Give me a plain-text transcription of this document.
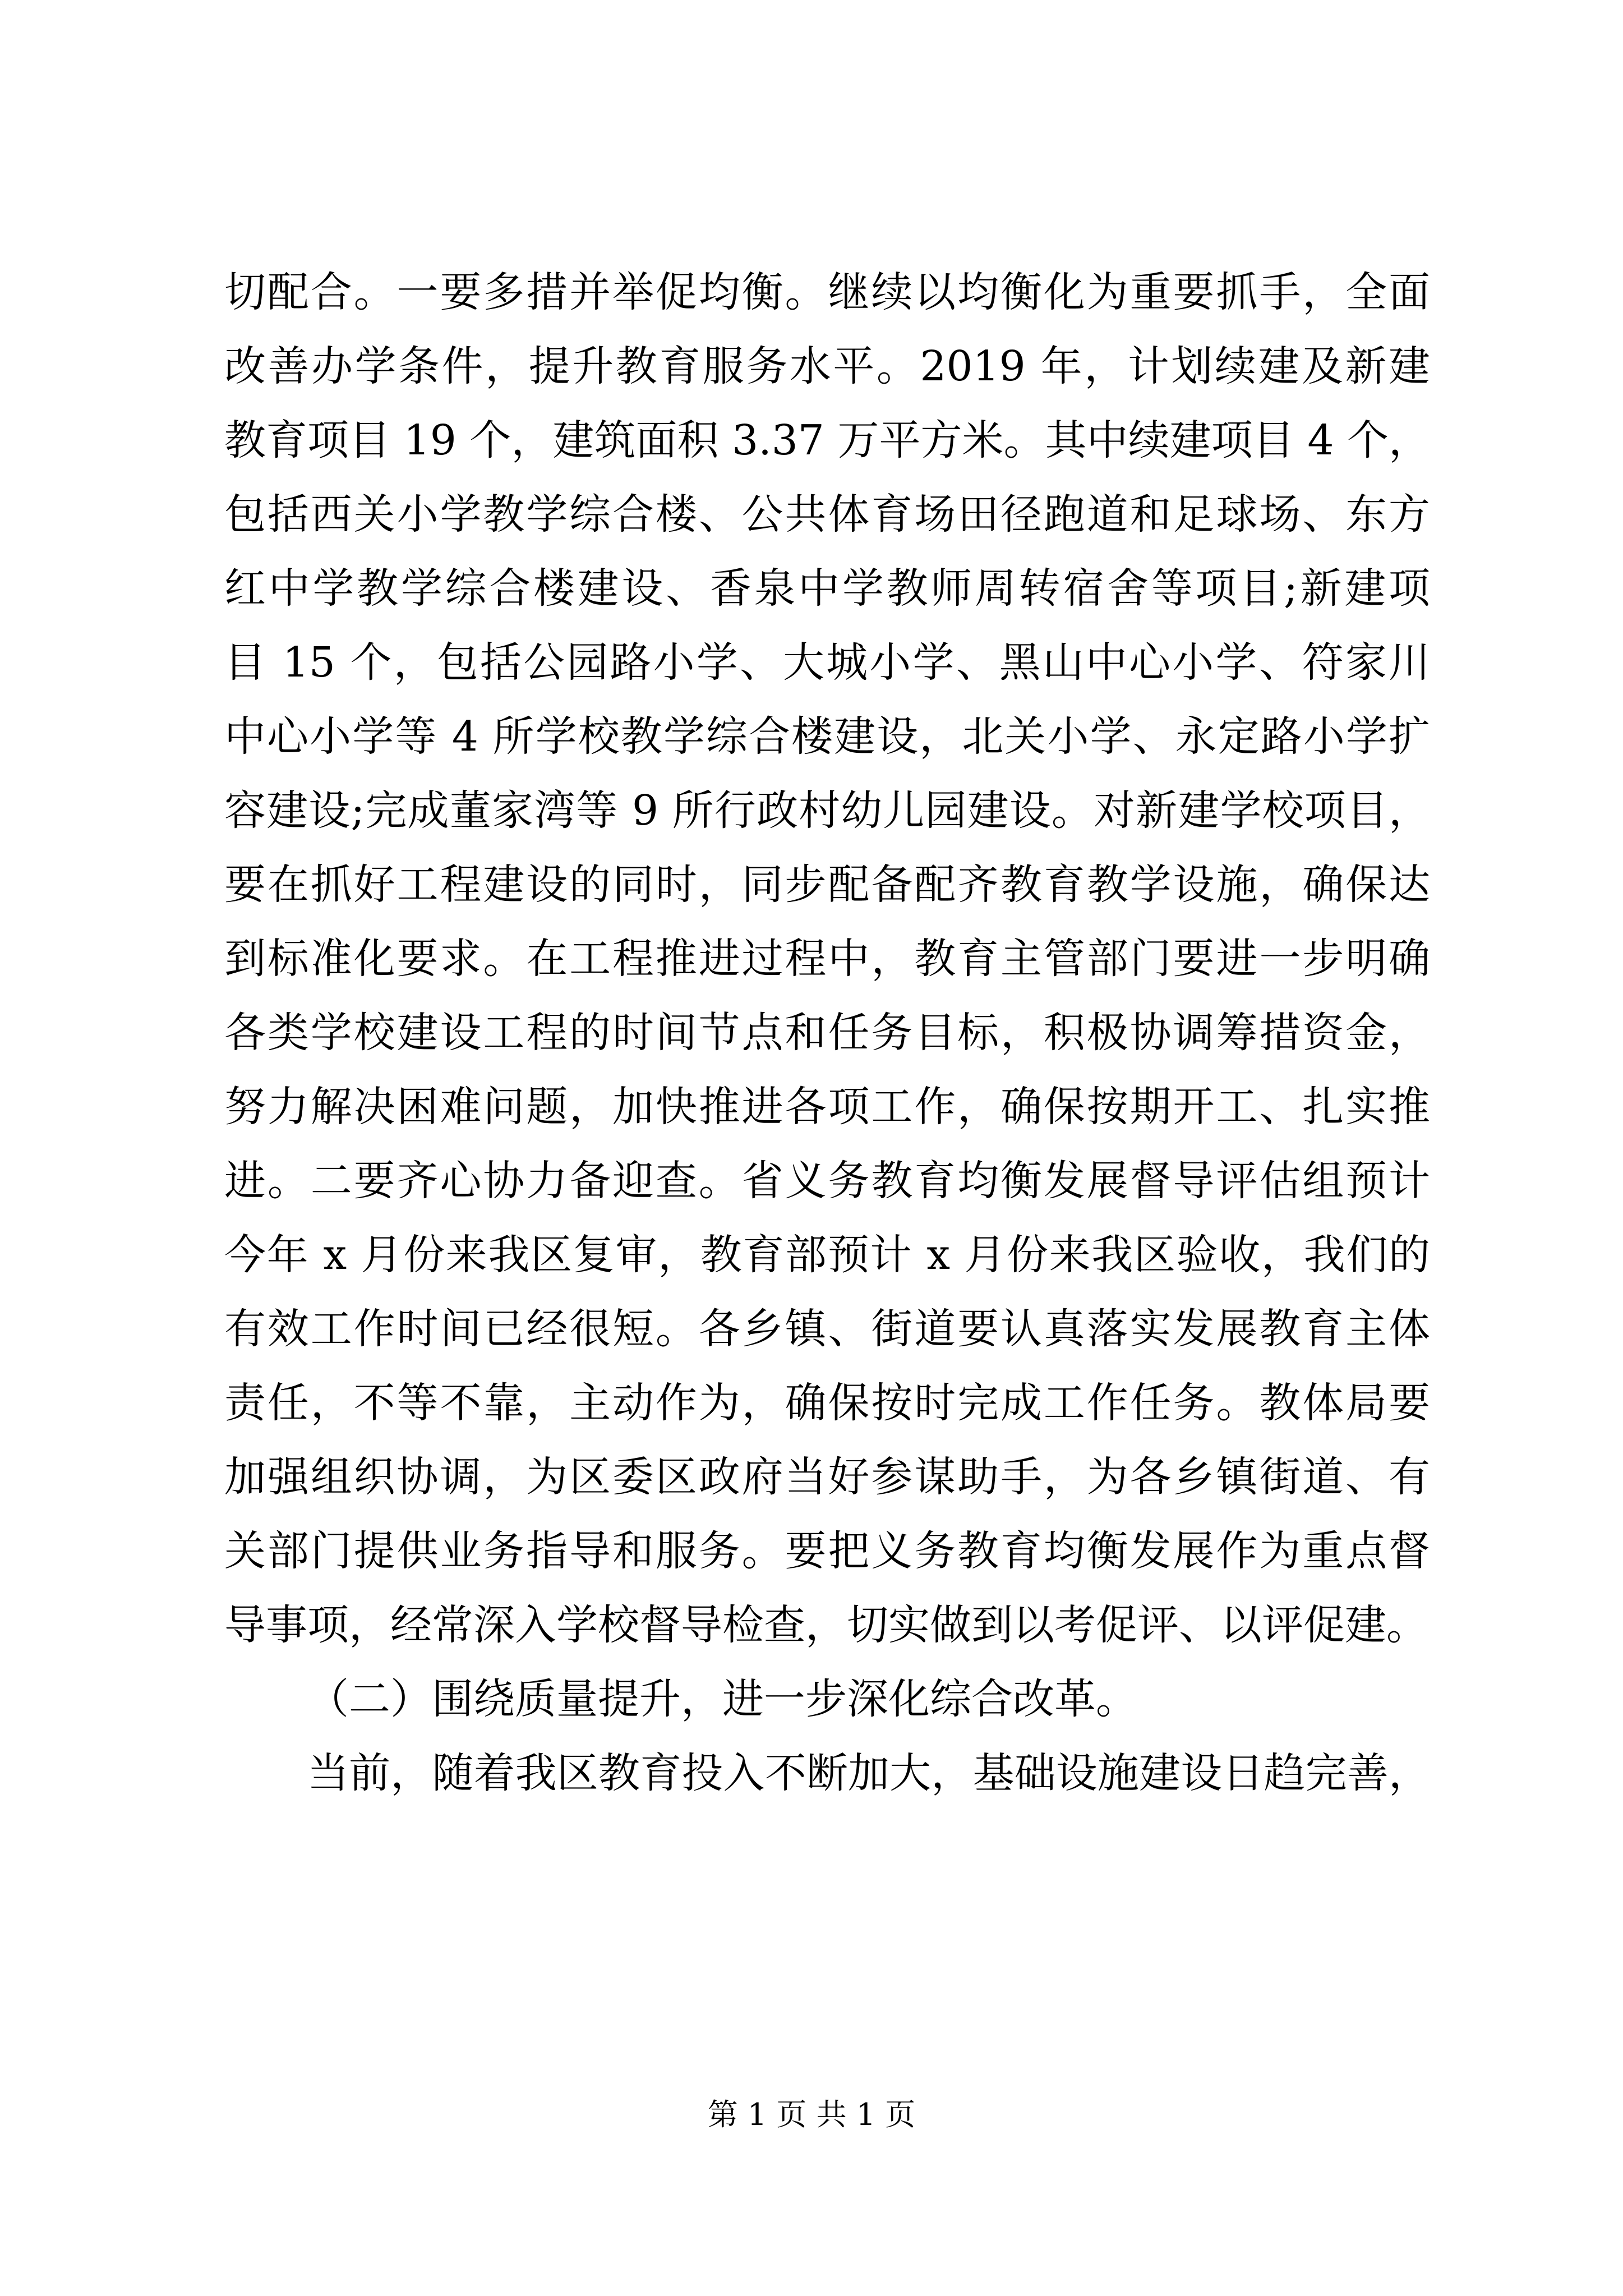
切配合。一要多措并举促均衡。继续以均衡化为重要抓手，全面
改善办学条件，提升教育服务水平。2019 年，计划续建及新建
教育项目 19 个，建筑面积 3.37 万平方米。其中续建项目 4 个，
包括西关小学教学综合楼、公共体育场田径跑道和足球场、东方
红中学教学综合楼建设、香泉中学教师周转宿舍等项目;新建项
目 15 个，包括公园路小学、大城小学、黑山中心小学、符家川
中心小学等 4 所学校教学综合楼建设，北关小学、永定路小学扩
容建设;完成董家湾等 9 所行政村幼儿园建设。对新建学校项目，
要在抓好工程建设的同时，同步配备配齐教育教学设施，确保达
到标准化要求。在工程推进过程中，教育主管部门要进一步明确
各类学校建设工程的时间节点和任务目标，积极协调筹措资金，
努力解决困难问题，加快推进各项工作，确保按期开工、扎实推
进。二要齐心协力备迎查。省义务教育均衡发展督导评估组预计
今年 x 月份来我区复审，教育部预计 x 月份来我区验收，我们的
有效工作时间已经很短。各乡镇、街道要认真落实发展教育主体
责任，不等不靠，主动作为，确保按时完成工作任务。教体局要
加强组织协调，为区委区政府当好参谋助手，为各乡镇街道、有
关部门提供业务指导和服务。要把义务教育均衡发展作为重点督
导事项，经常深入学校督导检查，切实做到以考促评、以评促建。
（二）围绕质量提升，进一步深化综合改革。
当前，随着我区教育投入不断加大，基础设施建设日趋完善，
第 1 页 共 1 页
